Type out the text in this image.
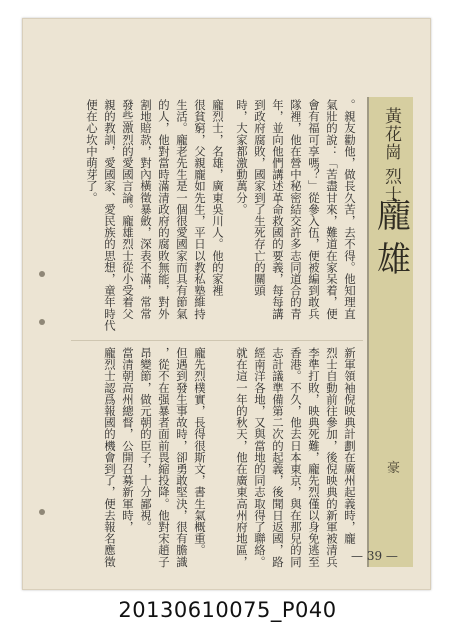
黃花崗 烈士
龐雄
豪
。親友勸他，做長久苦，去不得。他知理直
氣壯的說：「苦盡甘來，難道在家呆着，便
會有福可享嗎？」從參入伍，便被編到敢兵
隊裡，他在營中秘密結交許多志同道合的青
年，並向他們講述革命救國的要義，每每講
到政府腐敗，國家到了生死存亡的關頭
時，大家都激動萬分。
龐烈士，名雄，廣東吳川人。他的家裡
很貧窮，父親龐如先生，平日以教私塾維持
生活。龐老先生是一個很愛國家而具有節氣
的人，他對當時滿清政府的腐敗無能，對外
割地賠款，對內橫徵暴斂，深表不滿，常常
發些激烈的愛國言論。龐雄烈士從小受着父
親的教訓，愛國家、愛民族的思想，童年時代
便在心坎中萌芽了。
新軍領袖倪映典計劃在廣州起義時，龐
烈士自動前往參加，後倪映典的新軍被清兵
李準打敗，映典死難，龐先烈僅以身免逃至
香港。不久，他去日本東京，與在那兒的同
志計議準備第二次的起義，後聞日返國，路
經南洋各地，又與當地的同志取得了聯絡。
就在這一年的秋天，他在廣東高州府地區，
龐先烈樸實，長得很斯文，書生氣概重。
但遇到發生事故時，卻勇敢堅決，很有膽識
，從不在强暴者面前畏縮投降。他對宋趙子
昂變節，做元朝的臣子，十分鄙視。
當清朝高州總督，公開召募新軍時，
龐烈士認爲報國的機會到了，便去報名應徵	— 39 —
20130610075_P040
